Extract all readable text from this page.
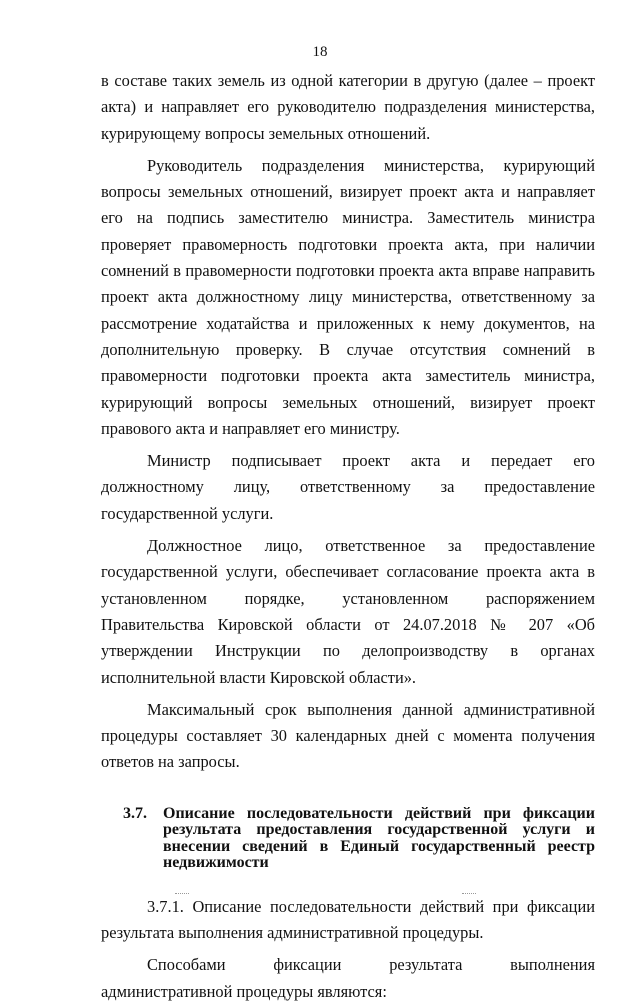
18

в составе таких земель из одной категории в другую (далее – проект акта) и направляет его руководителю подразделения министерства, курирующему вопросы земельных отношений.

Руководитель подразделения министерства, курирующий вопросы земельных отношений, визирует проект акта и направляет его на подпись заместителю министра. Заместитель министра проверяет правомерность подготовки проекта акта, при наличии сомнений в правомерности подготовки проекта акта вправе направить проект акта должностному лицу министерства, ответственному за рассмотрение ходатайства и приложенных к нему документов, на дополнительную проверку. В случае отсутствия сомнений в правомерности подготовки проекта акта заместитель министра, курирующий вопросы земельных отношений, визирует проект правового акта и направляет его министру.

Министр подписывает проект акта и передает его должностному лицу, ответственному за предоставление государственной услуги.

Должностное лицо, ответственное за предоставление государственной услуги, обеспечивает согласование проекта акта в установленном порядке, установленном распоряжением Правительства Кировской области от 24.07.2018 № 207 «Об утверждении Инструкции по делопроизводству в органах исполнительной власти Кировской области».

Максимальный срок выполнения данной административной процедуры составляет 30 календарных дней с момента получения ответов на запросы.

3.7.	Описание последовательности действий при фиксации результата предоставления государственной услуги и внесении сведений в Единый государственный реестр недвижимости

3.7.1. Описание последовательности действий при фиксации результата выполнения административной процедуры.

Способами фиксации результата выполнения административной процедуры являются:
